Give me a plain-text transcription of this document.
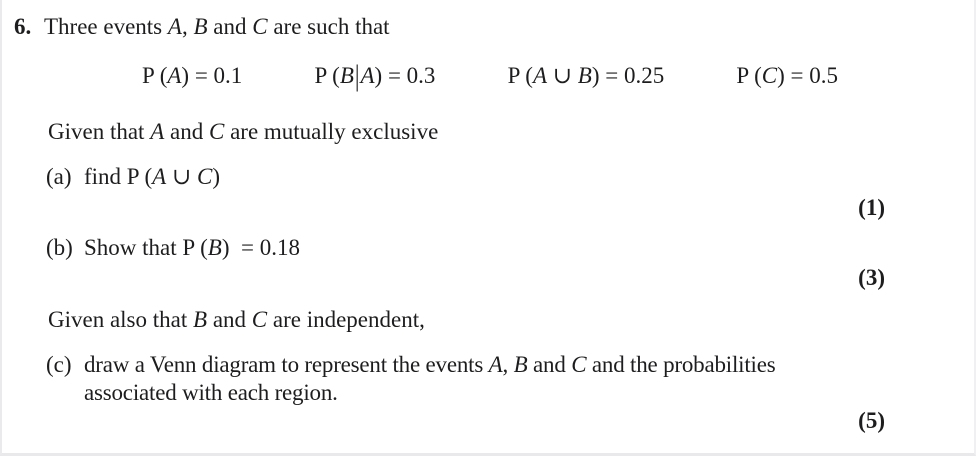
6. Three events A, B and C are such that
P (A) = 0.1	P (B|A) = 0.3	P (A ∪ B) = 0.25	P (C) = 0.5
Given that A and C are mutually exclusive
(a) find P (A ∪ C)
(1)
(b) Show that P (B) = 0.18
(3)
Given also that B and C are independent,
(c) draw a Venn diagram to represent the events A, B and C and the probabilities
associated with each region.
(5)
